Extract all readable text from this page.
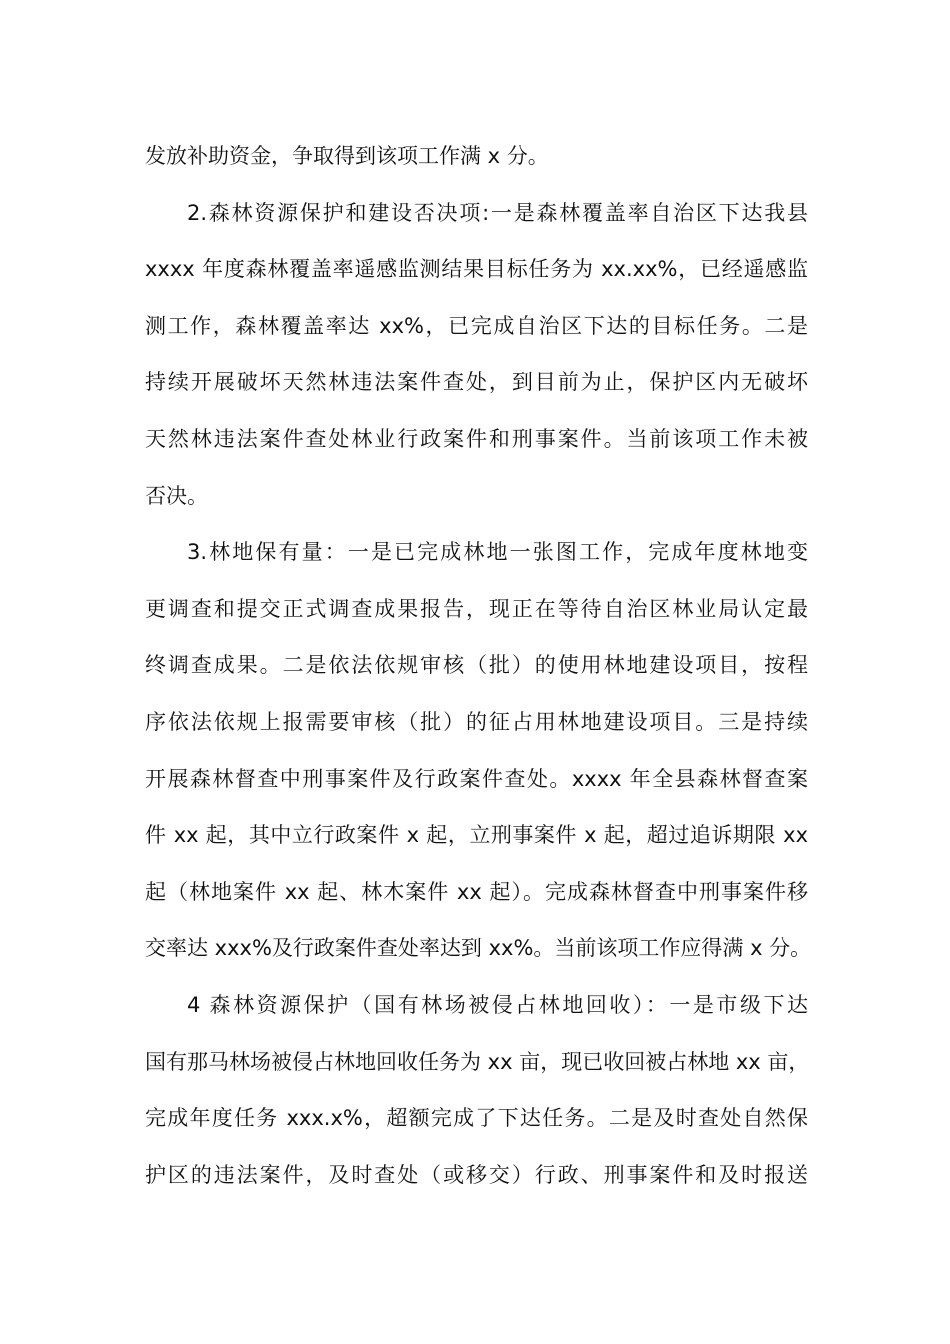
发放补助资金，争取得到该项工作满 x 分。
2.森林资源保护和建设否决项:一是森林覆盖率自治区下达我县
xxxx 年度森林覆盖率遥感监测结果目标任务为 xx.xx%，已经遥感监
测工作，森林覆盖率达 xx%，已完成自治区下达的目标任务。二是
持续开展破坏天然林违法案件查处，到目前为止，保护区内无破坏
天然林违法案件查处林业行政案件和刑事案件。当前该项工作未被
否决。
3.林地保有量：一是已完成林地一张图工作，完成年度林地变
更调查和提交正式调查成果报告，现正在等待自治区林业局认定最
终调查成果。二是依法依规审核（批）的使用林地建设项目，按程
序依法依规上报需要审核（批）的征占用林地建设项目。三是持续
开展森林督查中刑事案件及行政案件查处。xxxx 年全县森林督查案
件 xx 起，其中立行政案件 x 起，立刑事案件 x 起，超过追诉期限 xx
起（林地案件 xx 起、林木案件 xx 起）。完成森林督查中刑事案件移
交率达 xxx%及行政案件查处率达到 xx%。当前该项工作应得满 x 分。
4 森林资源保护（国有林场被侵占林地回收）：一是市级下达
国有那马林场被侵占林地回收任务为 xx 亩，现已收回被占林地 xx 亩，
完成年度任务 xxx.x%，超额完成了下达任务。二是及时查处自然保
护区的违法案件，及时查处（或移交）行政、刑事案件和及时报送
